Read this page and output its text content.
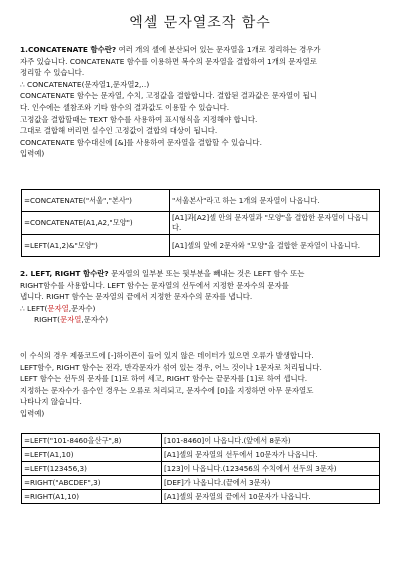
엑셀 문자열조작 함수

1.CONCATENATE 함수란? 여러 개의 셀에 분산되어 있는 문자열을 1개로 정리하는 경우가

자주 있습니다. CONCATENATE 함수를 이용하면 복수의 문자열을 결합하여 1개의 문자열로

정리할 수 있습니다.

∴ CONCATENATE(문자열1,문자열2,‥)

CONCATENATE 함수는 문자열, 수치, 고정값을 결합합니다. 결합된 결과값은 문자열이 됩니

다. 인수에는 셀참조와 기타 함수의 결과값도 이용할 수 있습니다.

고정값을 결합할때는 TEXT 함수를 사용하여 표시형식을 지정해야 합니다.

그대로 결합해 버리면 실수인 고정값이 결합의 대상이 됩니다.

CONCATENATE 함수대신에 [&]를 사용하여 문자열을 결합할 수 있습니다.

입력예)

=CONCATENATE("서울","본사")	"서울본사"라고 하는 1개의 문자열이 나옵니다.
=CONCATENATE(A1,A2,"모양")	[A1]과[A2]셀 안의 문자열과 "모양"을 결합한 문자열이 나옵니다.
=LEFT(A1,2)&"모양")	[A1]셀의 앞에 2문자와 "모양"을 결합한 문자열이 나옵니다.

2. LEFT, RIGHT 함수란? 문자열의 일부분 또는 뒷부분을 빼내는 것은 LEFT 함수 또는

RIGHT함수를 사용합니다. LEFT 함수는 문자열의 선두에서 지정한 문자수의 문자를

냅니다. RIGHT 함수는 문자열의 끝에서 지정한 문자수의 문자를 냅니다.

∴ LEFT(문자열,문자수)

RIGHT(문자열,문자수)

이 수식의 경우 제품코드에 [-]하이픈이 들어 있지 않은 데이터가 있으면 오류가 발생합니다.

LEFT함수, RIGHT 함수는 전각, 반각문자가 섞여 있는 경우, 어느 것이나 1문자로 처리됩니다.

LEFT 함수는 선두의 문자를 [1]로 하여 세고, RIGHT 함수는 끝문자를 [1]로 하여 셉니다.

지정하는 문자수가 음수인 경우는 오류로 처리되고, 문자수에 [0]을 지정하면 아무 문자열도

나타나지 않습니다.

입력예)

=LEFT("101-8460을산구",8)	[101-8460]이 나옵니다.(앞에서 8문자)
=LEFT(A1,10)	[A1]셀의 문자열의 선두에서 10문자가 나옵니다.
=LEFT(123456,3)	[123]이 나옵니다.(123456의 수치에서 선두의 3문자)
=RIGHT("ABCDEF",3)	[DEF]가 나옵니다.(끝에서 3문자)
=RIGHT(A1,10)	[A1]셀의 문자열의 끝에서 10문자가 나옵니다.
